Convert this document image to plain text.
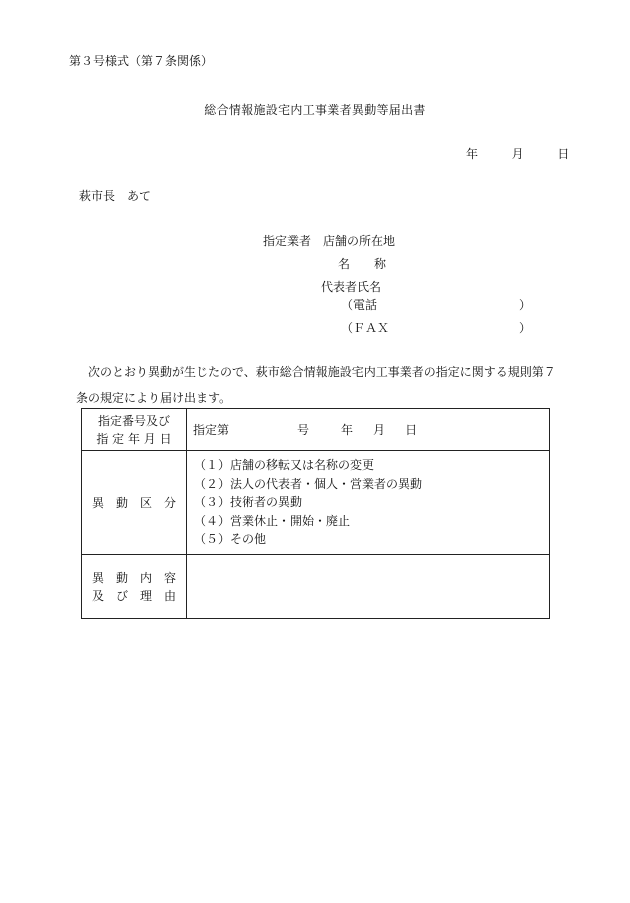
第３号様式（第７条関係）
総合情報施設宅内工事業者異動等届出書
年	月	日
萩市長　あて
指定業者 店舗の所在地
名　　称
代表者氏名
（電話	）
（ＦＡＸ	）
次のとおり異動が生じたので、萩市総合情報施設宅内工事業者の指定に関する規則第７条の規定により届け出ます。
指定番号及び
指 定 年 月 日	指定第 号 年 月 日

異　動　区　分	（１）店舗の移転又は名称の変更
（２）法人の代表者・個人・営業者の異動
（３）技術者の異動
（４）営業休止・開始・廃止
（５）その他

異　動　内　容
及　び　理　由	
